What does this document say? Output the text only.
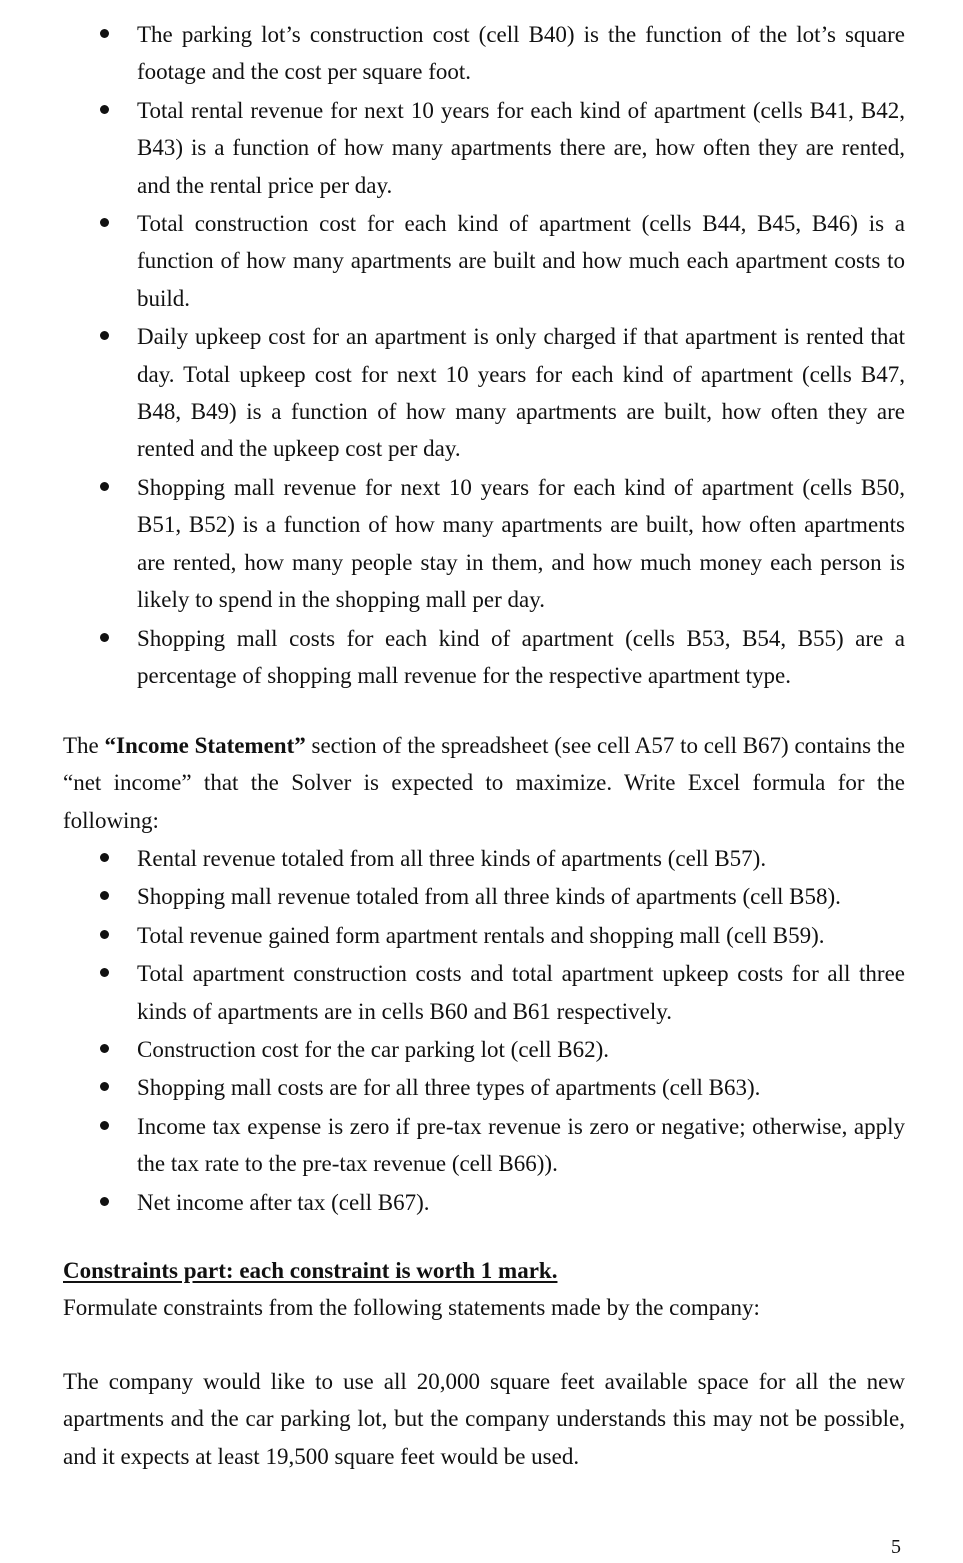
The parking lot’s construction cost (cell B40) is the function of the lot’s square footage and the cost per square foot.
Total rental revenue for next 10 years for each kind of apartment (cells B41, B42, B43) is a function of how many apartments there are, how often they are rented, and the rental price per day.
Total construction cost for each kind of apartment (cells B44, B45, B46) is a function of how many apartments are built and how much each apartment costs to build.
Daily upkeep cost for an apartment is only charged if that apartment is rented that day. Total upkeep cost for next 10 years for each kind of apartment (cells B47, B48, B49) is a function of how many apartments are built, how often they are rented and the upkeep cost per day.
Shopping mall revenue for next 10 years for each kind of apartment (cells B50, B51, B52) is a function of how many apartments are built, how often apartments are rented, how many people stay in them, and how much money each person is likely to spend in the shopping mall per day.
Shopping mall costs for each kind of apartment (cells B53, B54, B55) are a percentage of shopping mall revenue for the respective apartment type.

The “Income Statement” section of the spreadsheet (see cell A57 to cell B67) contains the “net income” that the Solver is expected to maximize. Write Excel formula for the following:

Rental revenue totaled from all three kinds of apartments (cell B57).
Shopping mall revenue totaled from all three kinds of apartments (cell B58).
Total revenue gained form apartment rentals and shopping mall (cell B59).
Total apartment construction costs and total apartment upkeep costs for all three kinds of apartments are in cells B60 and B61 respectively.
Construction cost for the car parking lot (cell B62).
Shopping mall costs are for all three types of apartments (cell B63).
Income tax expense is zero if pre-tax revenue is zero or negative; otherwise, apply the tax rate to the pre-tax revenue (cell B66)).
Net income after tax (cell B67).

Constraints part: each constraint is worth 1 mark.

Formulate constraints from the following statements made by the company:

The company would like to use all 20,000 square feet available space for all the new apartments and the car parking lot, but the company understands this may not be possible, and it expects at least 19,500 square feet would be used.

5
